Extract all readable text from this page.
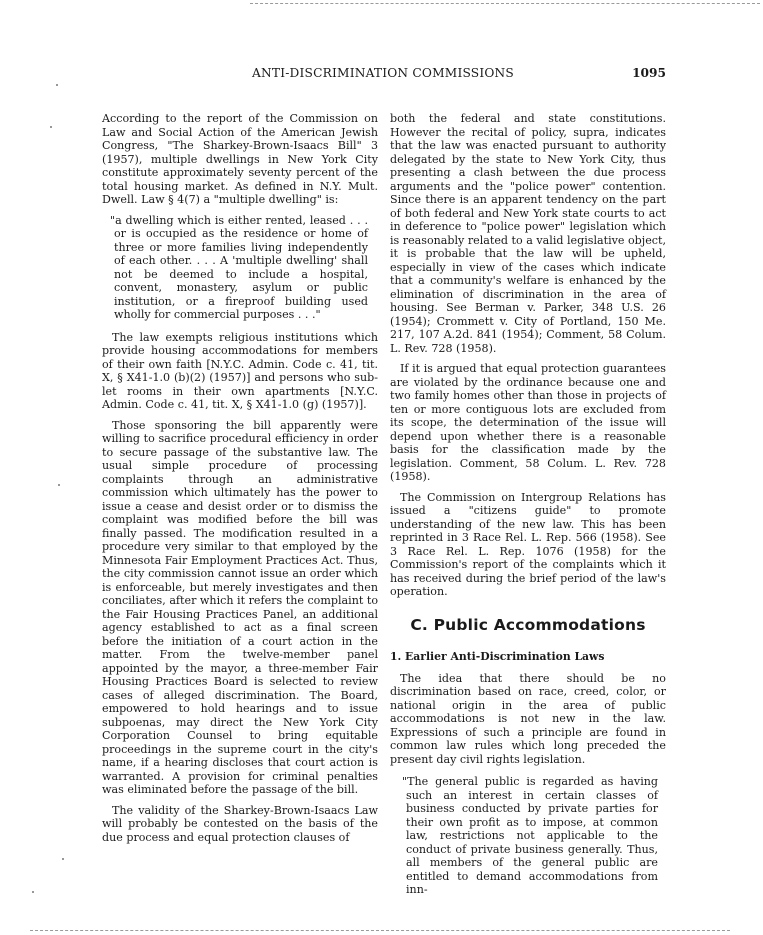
ANTI-DISCRIMINATION COMMISSIONS	1095

According to the report of the Commission on Law and Social Action of the American Jewish Congress, "The Sharkey-Brown-Isaacs Bill" 3 (1957), multiple dwellings in New York City constitute approximately seventy percent of the total housing market. As defined in N.Y. Mult. Dwell. Law § 4(7) a "multiple dwelling" is:

"a dwelling which is either rented, leased . . . or is occupied as the residence or home of three or more families living independently of each other. . . . A 'multiple dwelling' shall not be deemed to include a hospital, convent, monastery, asylum or public institution, or a fireproof building used wholly for commercial purposes . . ."

The law exempts religious institutions which provide housing accommodations for members of their own faith [N.Y.C. Admin. Code c. 41, tit. X, § X41-1.0 (b)(2) (1957)] and persons who sub-let rooms in their own apartments [N.Y.C. Admin. Code c. 41, tit. X, § X41-1.0 (g) (1957)].

Those sponsoring the bill apparently were willing to sacrifice procedural efficiency in order to secure passage of the substantive law. The usual simple procedure of processing complaints through an administrative commission which ultimately has the power to issue a cease and desist order or to dismiss the complaint was modified before the bill was finally passed. The modification resulted in a procedure very similar to that employed by the Minnesota Fair Employment Practices Act. Thus, the city commission cannot issue an order which is enforceable, but merely investigates and then conciliates, after which it refers the complaint to the Fair Housing Practices Panel, an additional agency established to act as a final screen before the initiation of a court action in the matter. From the twelve-member panel appointed by the mayor, a three-member Fair Housing Practices Board is selected to review cases of alleged discrimination. The Board, empowered to hold hearings and to issue subpoenas, may direct the New York City Corporation Counsel to bring equitable proceedings in the supreme court in the city's name, if a hearing discloses that court action is warranted. A provision for criminal penalties was eliminated before the passage of the bill.

The validity of the Sharkey-Brown-Isaacs Law will probably be contested on the basis of the due process and equal protection clauses of

both the federal and state constitutions. However the recital of policy, supra, indicates that the law was enacted pursuant to authority delegated by the state to New York City, thus presenting a clash between the due process arguments and the "police power" contention. Since there is an apparent tendency on the part of both federal and New York state courts to act in deference to "police power" legislation which is reasonably related to a valid legislative object, it is probable that the law will be upheld, especially in view of the cases which indicate that a community's welfare is enhanced by the elimination of discrimination in the area of housing. See Berman v. Parker, 348 U.S. 26 (1954); Crommett v. City of Portland, 150 Me. 217, 107 A.2d. 841 (1954); Comment, 58 Colum. L. Rev. 728 (1958).

If it is argued that equal protection guarantees are violated by the ordinance because one and two family homes other than those in projects of ten or more contiguous lots are excluded from its scope, the determination of the issue will depend upon whether there is a reasonable basis for the classification made by the legislation. Comment, 58 Colum. L. Rev. 728 (1958).

The Commission on Intergroup Relations has issued a "citizens guide" to promote understanding of the new law. This has been reprinted in 3 Race Rel. L. Rep. 566 (1958). See 3 Race Rel. L. Rep. 1076 (1958) for the Commission's report of the complaints which it has received during the brief period of the law's operation.

C. Public Accommodations
1. Earlier Anti-Discrimination Laws

The idea that there should be no discrimination based on race, creed, color, or national origin in the area of public accommodations is not new in the law. Expressions of such a principle are found in common law rules which long preceded the present day civil rights legislation.

"The general public is regarded as having such an interest in certain classes of business conducted by private parties for their own profit as to impose, at common law, restrictions not applicable to the conduct of private business generally. Thus, all members of the general public are entitled to demand accommodations from inn-
